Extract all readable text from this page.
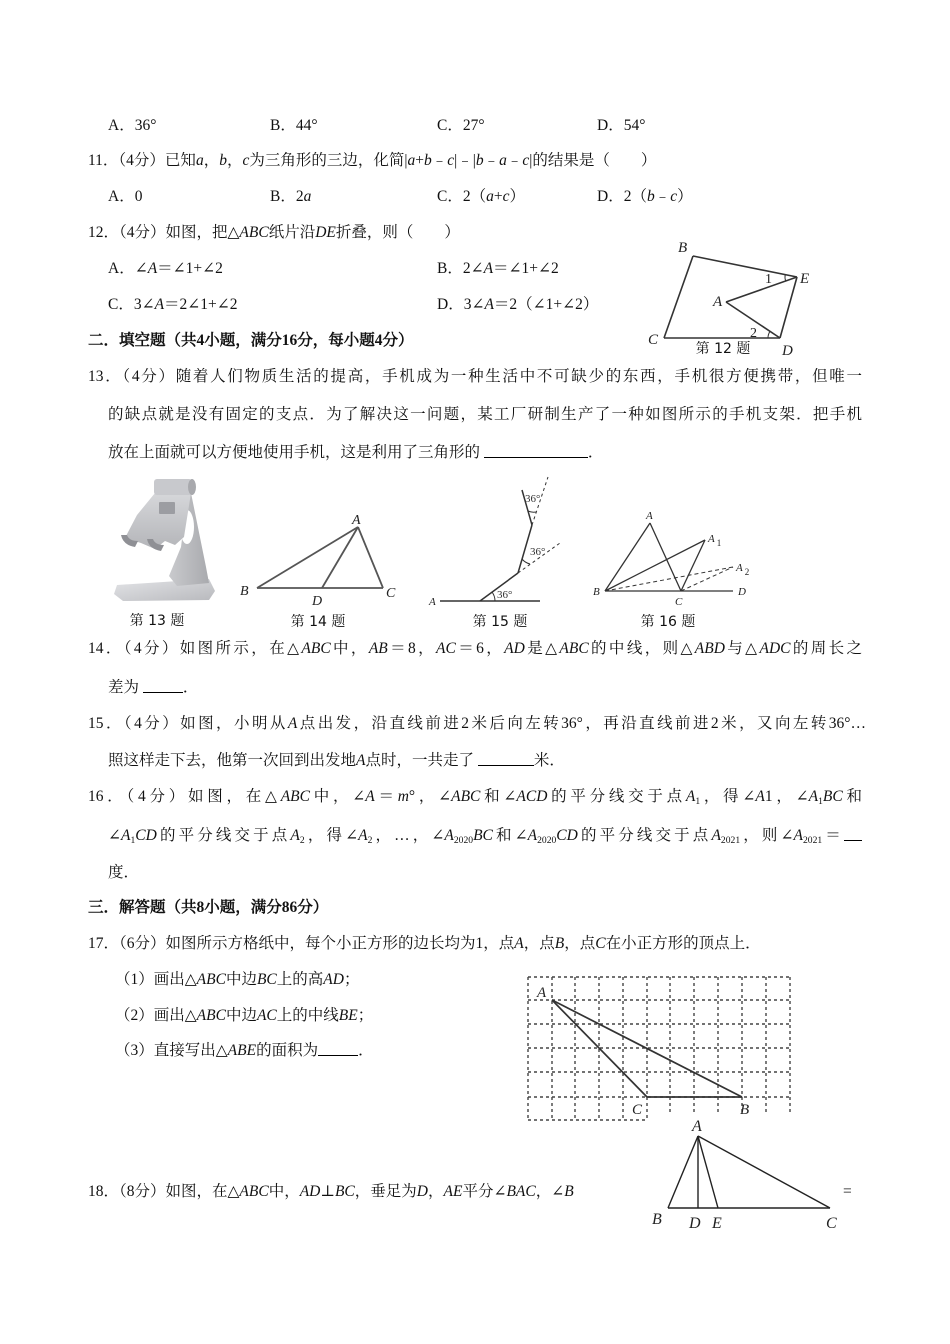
A．36°	B．44°	C．27°	D．54°
11．（4分）已知a，b，c为三角形的三边，化简|a+b﹣c|﹣|b﹣a﹣c|的结果是（　　）
A．0	B．2a	C．2（a+c）	D．2（b﹣c）
12．（4分）如图，把△ABC纸片沿DE折叠，则（　　）
A．∠A＝∠1+∠2	B．2∠A＝∠1+∠2
C．3∠A＝2∠1+∠2	D．3∠A＝2（∠1+∠2）
B
E
A
C
D
1
2
第 12 题
二．填空题（共4小题，满分16分，每小题4分）
13．（4分）随着人们物质生活的提高，手机成为一种生活中不可缺少的东西，手机很方便携带，但唯一
的缺点就是没有固定的支点．为了解决这一问题，某工厂研制生产了一种如图所示的手机支架．把手机
放在上面就可以方便地使用手机，这是利用了三角形的	．
第 13 题
A
B	C
D
第 14 题
36°
36°
36°
A
第 15 题
A
A $_1$
A $_2$
B
C
D
第 16 题
14．（4分）如图所示，在△ABC中，AB＝8，AC＝6，AD是△ABC的中线，则△ABD与△ADC的周长之
差为	．
15．（4分）如图，小明从A点出发，沿直线前进2米后向左转36°，再沿直线前进2米，又向左转36°…
照这样走下去，他第一次回到出发地A点时，一共走了	米．
16．（4分）如图，在△ABC中，∠A＝m°，∠ABC和∠ACD的平分线交于点$A_1$，得∠A1，$\angle A_1BC$和
$\angle A_1CD$的平分线交于点$A_2$，得$\angle A_2$，…，$\angle A_{2020}BC$和$\angle A_{2020}CD$的平分线交于点$A_{2021}$，则$\angle A_{2021}=$
度．
三．解答题（共8小题，满分86分）
17．（6分）如图所示方格纸中，每个小正方形的边长均为1，点A，点B，点C在小正方形的顶点上．
（1）画出△ABC中边BC上的高AD；
（2）画出△ABC中边AC上的中线BE；
（3）直接写出△ABE的面积为	．
A
C	B
18．（8分）如图，在△ABC中，AD⊥BC，垂足为D，AE平分∠BAC，∠B	=
A
B D E	C
